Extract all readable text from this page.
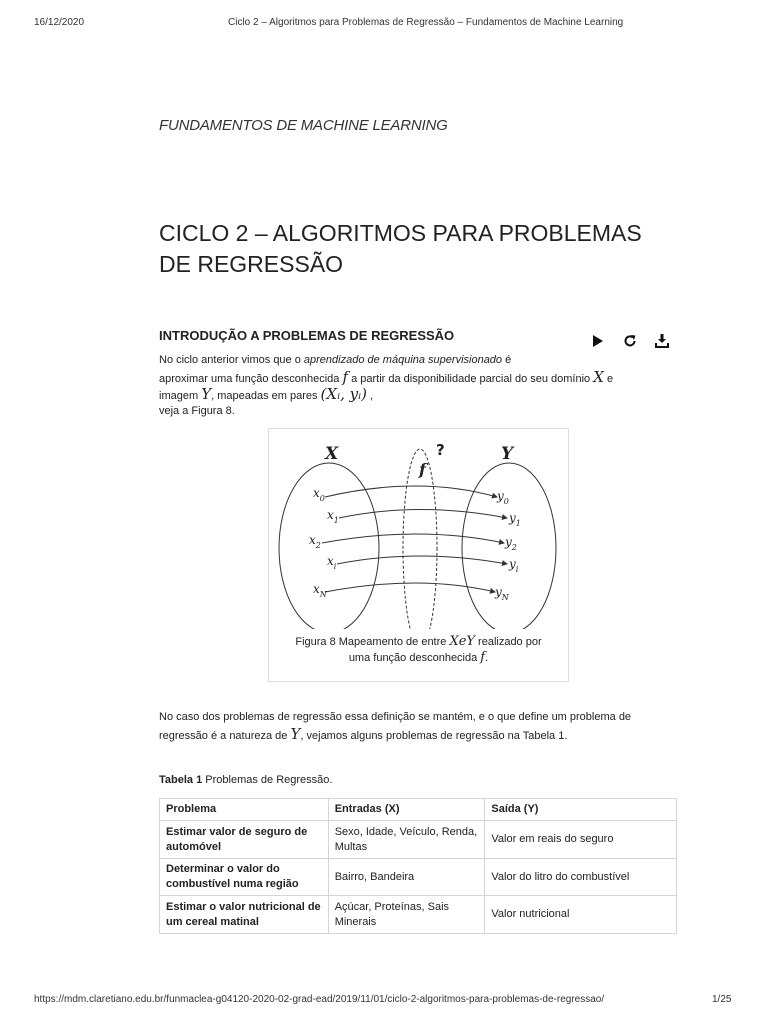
16/12/2020	Ciclo 2 – Algoritmos para Problemas de Regressão – Fundamentos de Machine Learning
FUNDAMENTOS DE MACHINE LEARNING
CICLO 2 – ALGORITMOS PARA PROBLEMAS DE REGRESSÃO
INTRODUÇÃO A PROBLEMAS DE REGRESSÃO
No ciclo anterior vimos que o aprendizado de máquina supervisionado é
aproximar uma função desconhecida f a partir da disponibilidade parcial do seu domínio X e
imagem Y, mapeadas em pares (Xᵢ, yᵢ) ,
veja a Figura 8.
X	Y
f
?
$x_0$
$x_1$
$x_2$
$x_i$
$x_N$
$y_0$
$y_1$
$y_2$
$y_i$
$y_N$
Figura 8 Mapeamento de entre XeY realizado por
uma função desconhecida f.
No caso dos problemas de regressão essa definição se mantém, e o que define um problema de
regressão é a natureza de Y, vejamos alguns problemas de regressão na Tabela 1.
Tabela 1 Problemas de Regressão.
Problema	Entradas (X)	Saída (Y)
Estimar valor de seguro de automóvel	Sexo, Idade, Veículo, Renda, Multas	Valor em reais do seguro
Determinar o valor do combustível numa região	Bairro, Bandeira	Valor do litro do combustível
Estimar o valor nutricional de um cereal matinal	Açúcar, Proteínas, Sais Minerais	Valor nutricional
https://mdm.claretiano.edu.br/funmaclea-g04120-2020-02-grad-ead/2019/11/01/ciclo-2-algoritmos-para-problemas-de-regressao/	1/25
